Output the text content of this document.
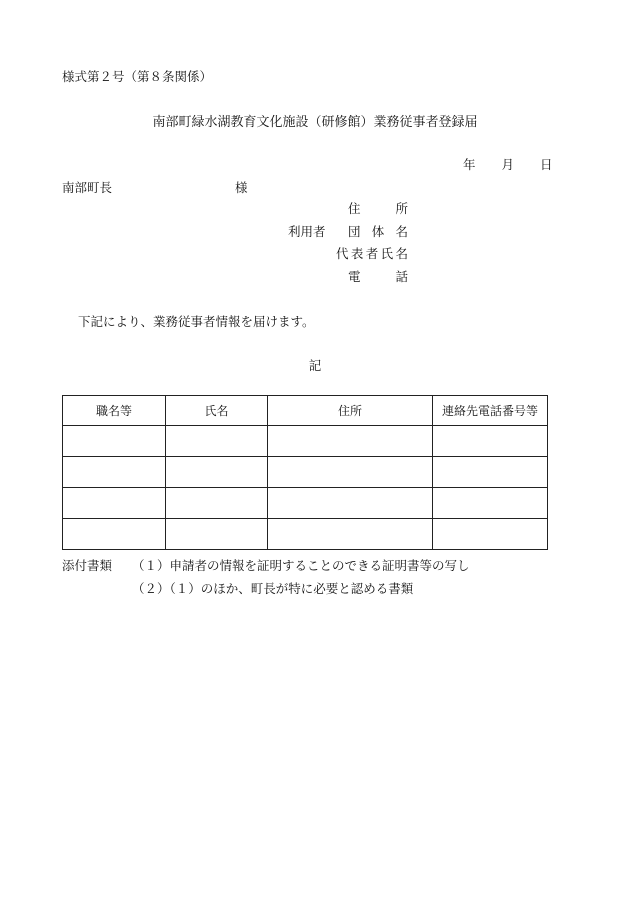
様式第２号（第８条関係）
南部町緑水湖教育文化施設（研修館）業務従事者登録届
年 月 日
南部町長	様
住　所
利用者 団体名
代表者氏名
電　話
下記により、業務従事者情報を届けます。
記
職名等	氏名	住所	連絡先電話番号等

添付書類 （１）申請者の情報を証明することのできる証明書等の写し
（２）（１）のほか、町長が特に必要と認める書類
